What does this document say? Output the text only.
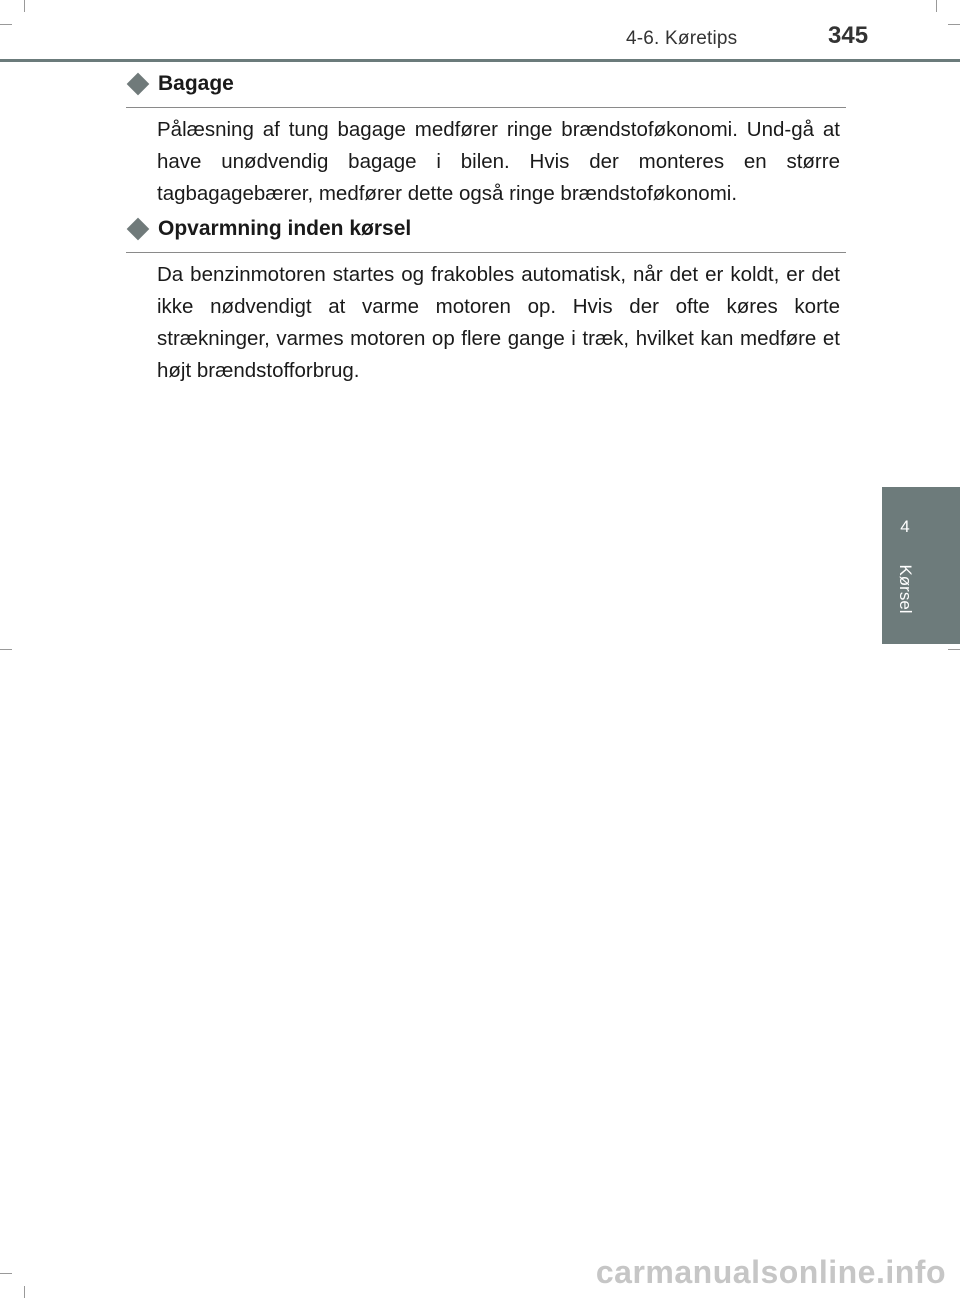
4-6. Køretips	345
4
Kørsel
Bagage

Pålæsning af tung bagage medfører ringe brændstoføkonomi. Und-gå at have unødvendig bagage i bilen. Hvis der monteres en større tagbagagebærer, medfører dette også ringe brændstoføkonomi.

Opvarmning inden kørsel

Da benzinmotoren startes og frakobles automatisk, når det er koldt, er det ikke nødvendigt at varme motoren op. Hvis der ofte køres korte strækninger, varmes motoren op flere gange i træk, hvilket kan medføre et højt brændstofforbrug.

carmanualsonline.info
